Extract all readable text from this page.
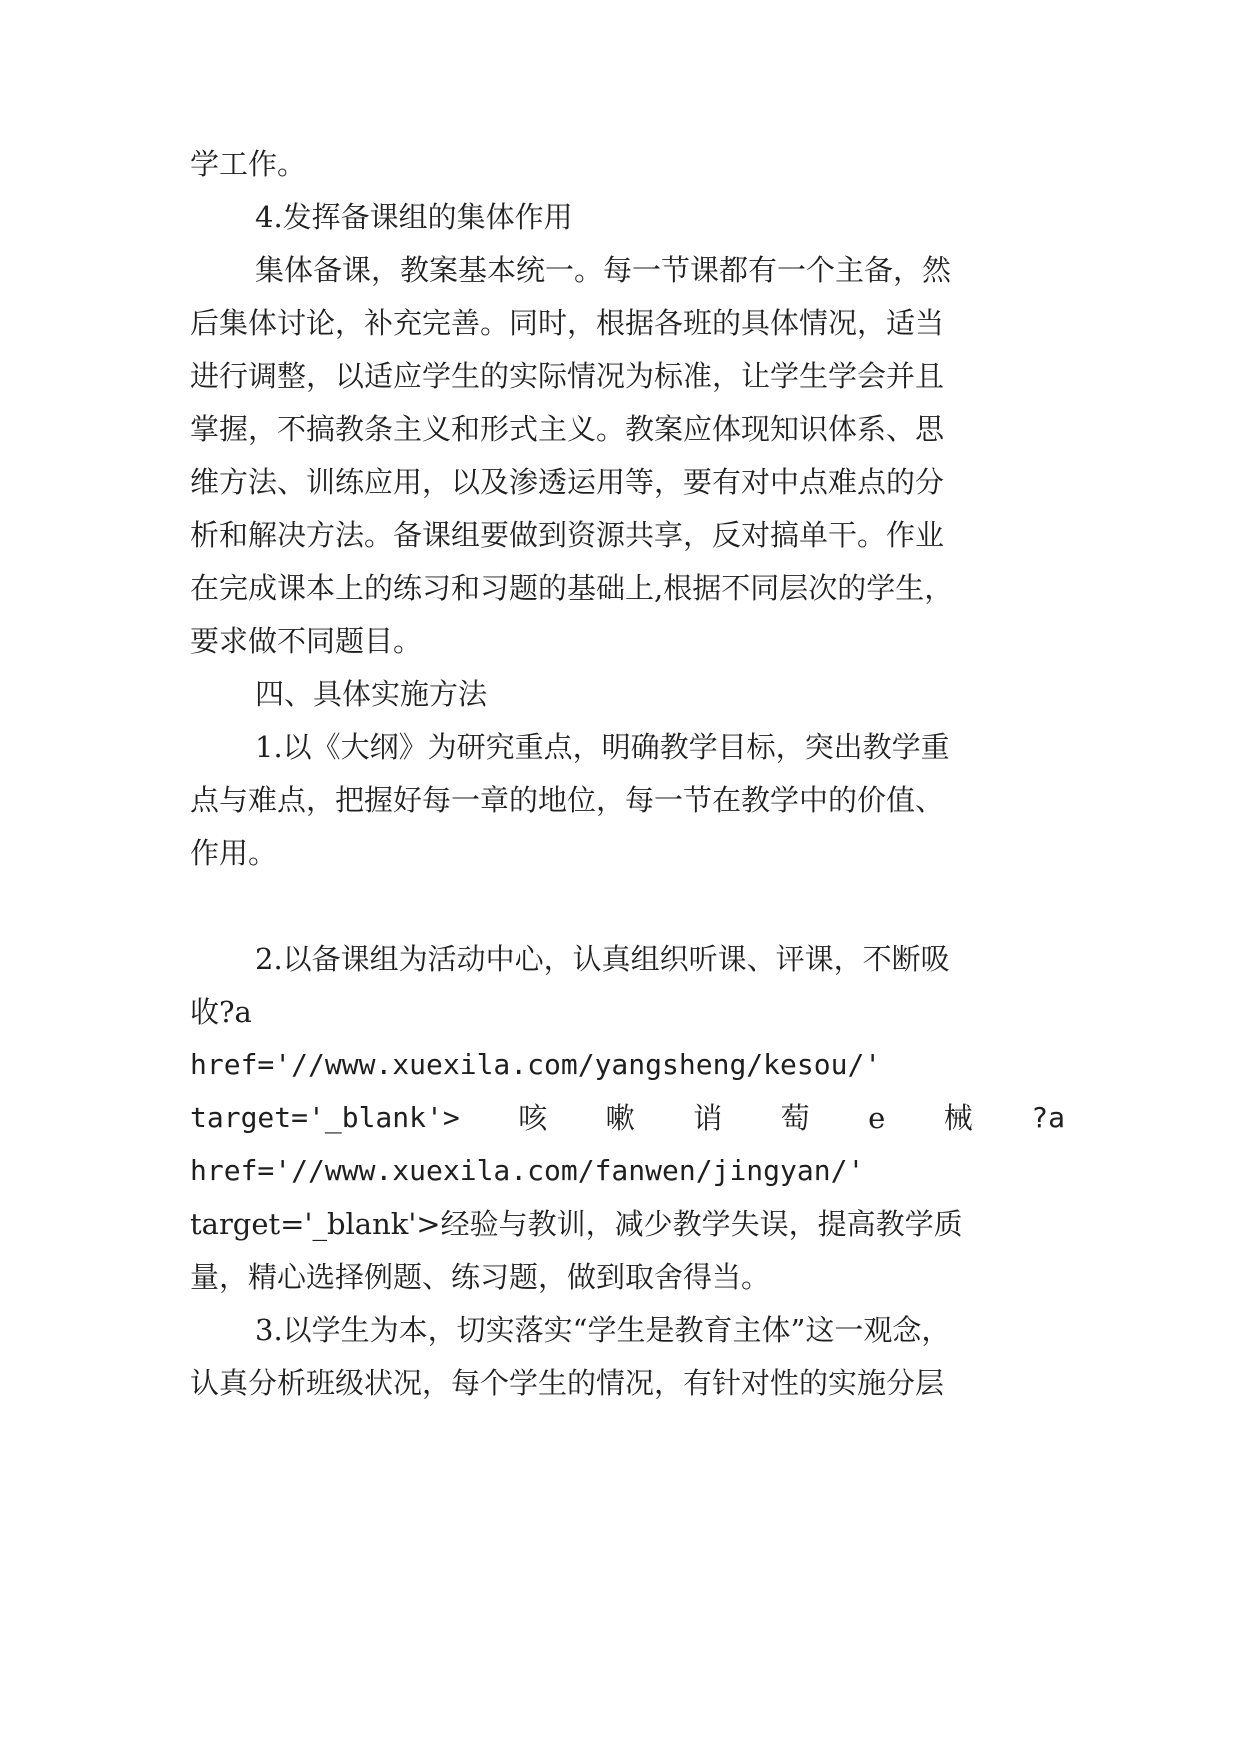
学工作。
4.发挥备课组的集体作用
集体备课，教案基本统一。每一节课都有一个主备，然
后集体讨论，补充完善。同时，根据各班的具体情况，适当
进行调整，以适应学生的实际情况为标准，让学生学会并且
掌握，不搞教条主义和形式主义。教案应体现知识体系、思
维方法、训练应用，以及渗透运用等，要有对中点难点的分
析和解决方法。备课组要做到资源共享，反对搞单干。作业
在完成课本上的练习和习题的基础上,根据不同层次的学生，
要求做不同题目。
四、具体实施方法
1.以《大纲》为研究重点，明确教学目标，突出教学重
点与难点，把握好每一章的地位，每一节在教学中的价值、
作用。
2.以备课组为活动中心，认真组织听课、评课，不断吸
收?a
href='//www.xuexila.com/yangsheng/kesou/'
target='_blank'> 咳 嗽 诮 萄 e 械 ?a
href='//www.xuexila.com/fanwen/jingyan/'
target='_blank'>经验与教训，减少教学失误，提高教学质
量，精心选择例题、练习题，做到取舍得当。
3.以学生为本，切实落实“学生是教育主体”这一观念，
认真分析班级状况，每个学生的情况，有针对性的实施分层
